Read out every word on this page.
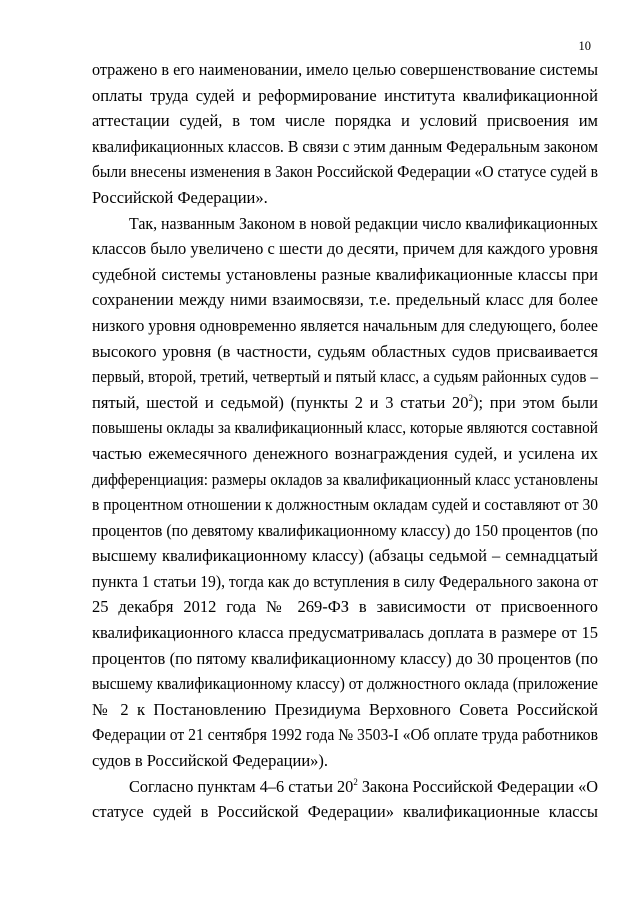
10
отражено в его наименовании, имело целью совершенствование системы
оплаты труда судей и реформирование института квалификационной
аттестации судей, в том числе порядка и условий присвоения им
квалификационных классов. В связи с этим данным Федеральным законом
были внесены изменения в Закон Российской Федерации «О статусе судей в
Российской Федерации».
Так, названным Законом в новой редакции число квалификационных
классов было увеличено с шести до десяти, причем для каждого уровня
судебной системы установлены разные квалификационные классы при
сохранении между ними взаимосвязи, т.е. предельный класс для более
низкого уровня одновременно является начальным для следующего, более
высокого уровня (в частности, судьям областных судов присваивается
первый, второй, третий, четвертый и пятый класс, а судьям районных судов –
пятый, шестой и седьмой) (пункты 2 и 3 статьи $20^2$); при этом были
повышены оклады за квалификационный класс, которые являются составной
частью ежемесячного денежного вознаграждения судей, и усилена их
дифференциация: размеры окладов за квалификационный класс установлены
в процентном отношении к должностным окладам судей и составляют от 30
процентов (по девятому квалификационному классу) до 150 процентов (по
высшему квалификационному классу) (абзацы седьмой – семнадцатый
пункта 1 статьи 19), тогда как до вступления в силу Федерального закона от
25 декабря 2012 года № 269-ФЗ в зависимости от присвоенного
квалификационного класса предусматривалась доплата в размере от 15
процентов (по пятому квалификационному классу) до 30 процентов (по
высшему квалификационному классу) от должностного оклада (приложение
№ 2 к Постановлению Президиума Верховного Совета Российской
Федерации от 21 сентября 1992 года № 3503-I «Об оплате труда работников
судов в Российской Федерации»).
Согласно пунктам 4–6 статьи $20^2$ Закона Российской Федерации «О
статусе судей в Российской Федерации» квалификационные классы
